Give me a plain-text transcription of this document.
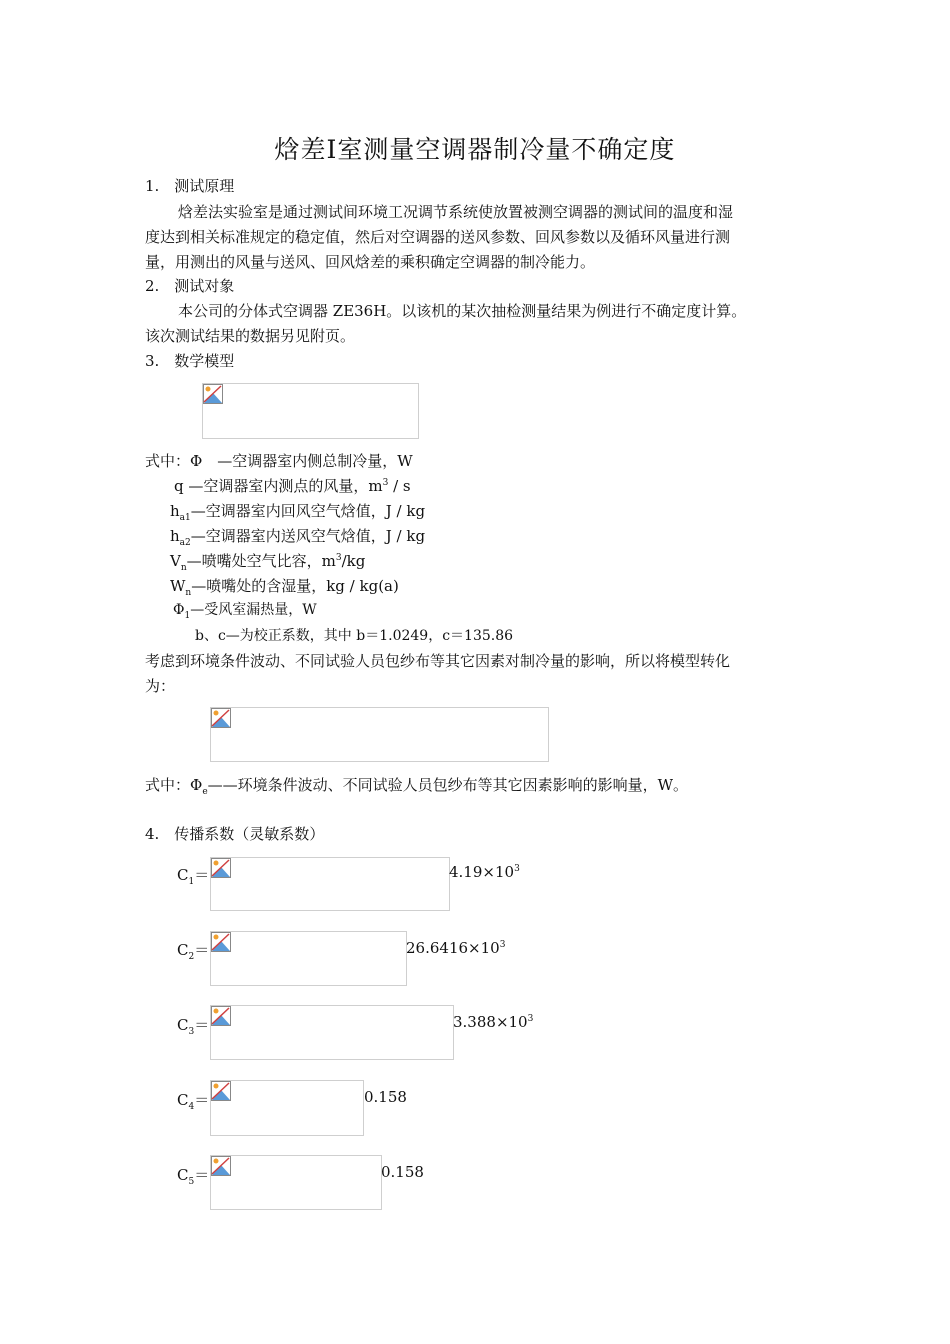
焓差Ⅰ室测量空调器制冷量不确定度
1.　测试原理
焓差法实验室是通过测试间环境工况调节系统使放置被测空调器的测试间的温度和湿
度达到相关标准规定的稳定值，然后对空调器的送风参数、回风参数以及循环风量进行测
量，用测出的风量与送风、回风焓差的乘积确定空调器的制冷能力。
2.　测试对象
本公司的分体式空调器 ZE36H。以该机的某次抽检测量结果为例进行不确定度计算。
该次测试结果的数据另见附页。
3.　数学模型
式中：Φ　—空调器室内侧总制冷量，W
q —空调器室内测点的风量，$m^3$ / s
$h_{a1}—$空调器室内回风空气焓值，J / kg
$h_{a2}—$空调器室内送风空气焓值，J / kg
$V_n—$喷嘴处空气比容，$m^3/kg$
$W_n—$喷嘴处的含湿量，kg / kg(a)
$\Phi_1—$受风室漏热量，W
b、c—为校正系数，其中 b＝1.0249，c＝135.86
考虑到环境条件波动、不同试验人员包纱布等其它因素对制冷量的影响，所以将模型转化
为：
式中：$\Phi_e——$环境条件波动、不同试验人员包纱布等其它因素影响的影响量，W。
4.　传播系数（灵敏系数）
$C_1=$	$4.19\times 10^3$
$C_2=$	$26.6416\times 10^3$
$C_3=$	$3.388\times 10^3$
$C_4=$	0.158
$C_5=$	0.158
